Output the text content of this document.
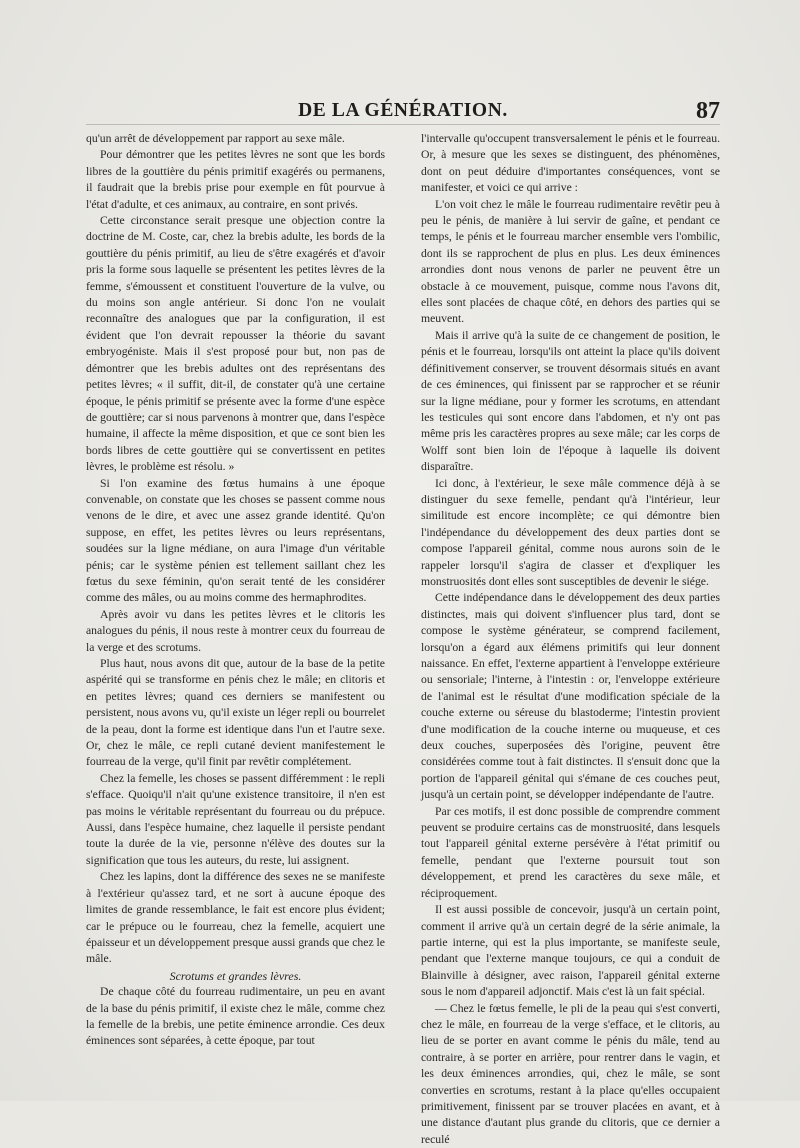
DE LA GÉNÉRATION.	87

qu'un arrêt de développement par rapport au sexe mâle.

Pour démontrer que les petites lèvres ne sont que les bords libres de la gouttière du pénis primitif exagérés ou permanens, il faudrait que la brebis prise pour exemple en fût pourvue à l'état d'adulte, et ces animaux, au contraire, en sont privés.

Cette circonstance serait presque une objection contre la doctrine de M. Coste, car, chez la brebis adulte, les bords de la gouttière du pénis primitif, au lieu de s'être exagérés et d'avoir pris la forme sous laquelle se présentent les petites lèvres de la femme, s'émoussent et constituent l'ouverture de la vulve, ou du moins son angle antérieur. Si donc l'on ne voulait reconnaître des analogues que par la configuration, il est évident que l'on devrait repousser la théorie du savant embryogéniste. Mais il s'est proposé pour but, non pas de démontrer que les brebis adultes ont des représentans des petites lèvres; « il suffit, dit-il, de constater qu'à une certaine époque, le pénis primitif se présente avec la forme d'une espèce de gouttière; car si nous parvenons à montrer que, dans l'espèce humaine, il affecte la même disposition, et que ce sont bien les bords libres de cette gouttière qui se convertissent en petites lèvres, le problème est résolu. »

Si l'on examine des fœtus humains à une époque convenable, on constate que les choses se passent comme nous venons de le dire, et avec une assez grande identité. Qu'on suppose, en effet, les petites lèvres ou leurs représentans, soudées sur la ligne médiane, on aura l'image d'un véritable pénis; car le système pénien est tellement saillant chez les fœtus du sexe féminin, qu'on serait tenté de les considérer comme des mâles, ou au moins comme des hermaphrodites.

Après avoir vu dans les petites lèvres et le clitoris les analogues du pénis, il nous reste à montrer ceux du fourreau de la verge et des scrotums.

Plus haut, nous avons dit que, autour de la base de la petite aspérité qui se transforme en pénis chez le mâle; en clitoris et en petites lèvres; quand ces derniers se manifestent ou persistent, nous avons vu, qu'il existe un léger repli ou bourrelet de la peau, dont la forme est identique dans l'un et l'autre sexe. Or, chez le mâle, ce repli cutané devient manifestement le fourreau de la verge, qu'il finit par revêtir complétement.

Chez la femelle, les choses se passent différemment : le repli s'efface. Quoiqu'il n'ait qu'une existence transitoire, il n'en est pas moins le véritable représentant du fourreau ou du prépuce. Aussi, dans l'espèce humaine, chez laquelle il persiste pendant toute la durée de la vie, personne n'élève des doutes sur la signification que tous les auteurs, du reste, lui assignent.

Chez les lapins, dont la différence des sexes ne se manifeste à l'extérieur qu'assez tard, et ne sort à aucune époque des limites de grande ressemblance, le fait est encore plus évident; car le prépuce ou le fourreau, chez la femelle, acquiert une épaisseur et un développement presque aussi grands que chez le mâle.

Scrotums et grandes lèvres.

De chaque côté du fourreau rudimentaire, un peu en avant de la base du pénis primitif, il existe chez le mâle, comme chez la femelle de la brebis, une petite éminence arrondie. Ces deux éminences sont séparées, à cette époque, par tout

l'intervalle qu'occupent transversalement le pénis et le fourreau. Or, à mesure que les sexes se distinguent, des phénomènes, dont on peut déduire d'importantes conséquences, vont se manifester, et voici ce qui arrive :

L'on voit chez le mâle le fourreau rudimentaire revêtir peu à peu le pénis, de manière à lui servir de gaîne, et pendant ce temps, le pénis et le fourreau marcher ensemble vers l'ombilic, dont ils se rapprochent de plus en plus. Les deux éminences arrondies dont nous venons de parler ne peuvent être un obstacle à ce mouvement, puisque, comme nous l'avons dit, elles sont placées de chaque côté, en dehors des parties qui se meuvent.

Mais il arrive qu'à la suite de ce changement de position, le pénis et le fourreau, lorsqu'ils ont atteint la place qu'ils doivent définitivement conserver, se trouvent désormais situés en avant de ces éminences, qui finissent par se rapprocher et se réunir sur la ligne médiane, pour y former les scrotums, en attendant les testicules qui sont encore dans l'abdomen, et n'y ont pas même pris les caractères propres au sexe mâle; car les corps de Wolff sont bien loin de l'époque à laquelle ils doivent disparaître.

Ici donc, à l'extérieur, le sexe mâle commence déjà à se distinguer du sexe femelle, pendant qu'à l'intérieur, leur similitude est encore incomplète; ce qui démontre bien l'indépendance du développement des deux parties dont se compose l'appareil génital, comme nous aurons soin de le rappeler lorsqu'il s'agira de classer et d'expliquer les monstruosités dont elles sont susceptibles de devenir le siége.

Cette indépendance dans le développement des deux parties distinctes, mais qui doivent s'influencer plus tard, dont se compose le système générateur, se comprend facilement, lorsqu'on a égard aux élémens primitifs qui leur donnent naissance. En effet, l'externe appartient à l'enveloppe extérieure ou sensoriale; l'interne, à l'intestin : or, l'enveloppe extérieure de l'animal est le résultat d'une modification spéciale de la couche externe ou séreuse du blastoderme; l'intestin provient d'une modification de la couche interne ou muqueuse, et ces deux couches, superposées dès l'origine, peuvent être considérées comme tout à fait distinctes. Il s'ensuit donc que la portion de l'appareil génital qui s'émane de ces couches peut, jusqu'à un certain point, se développer indépendante de l'autre.

Par ces motifs, il est donc possible de comprendre comment peuvent se produire certains cas de monstruosité, dans lesquels tout l'appareil génital externe persévère à l'état primitif ou femelle, pendant que l'externe poursuit tout son développement, et prend les caractères du sexe mâle, et réciproquement.

Il est aussi possible de concevoir, jusqu'à un certain point, comment il arrive qu'à un certain degré de la série animale, la partie interne, qui est la plus importante, se manifeste seule, pendant que l'externe manque toujours, ce qui a conduit de Blainville à désigner, avec raison, l'appareil génital externe sous le nom d'appareil adjonctif. Mais c'est là un fait spécial.

— Chez le fœtus femelle, le pli de la peau qui s'est converti, chez le mâle, en fourreau de la verge s'efface, et le clitoris, au lieu de se porter en avant comme le pénis du mâle, tend au contraire, à se porter en arrière, pour rentrer dans le vagin, et les deux éminences arrondies, qui, chez le mâle, se sont converties en scrotums, restant à la place qu'elles occupaient primitivement, finissent par se trouver placées en avant, et à une distance d'autant plus grande du clitoris, que ce dernier a reculé
